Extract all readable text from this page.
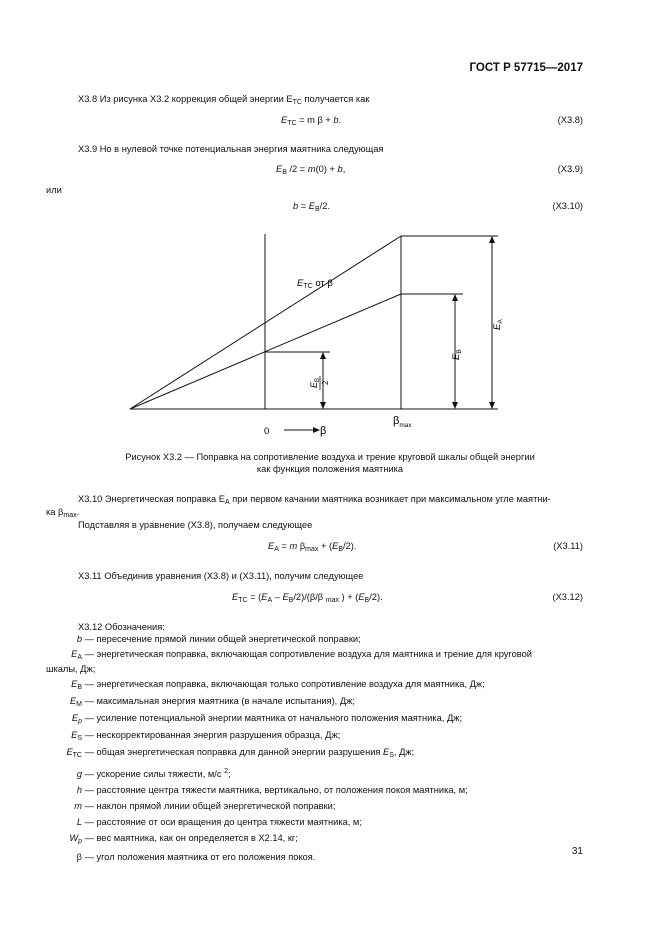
ГОСТ Р 57715—2017
Х3.8 Из рисунка Х3.2 коррекция общей энергии $E_{TC}$ получается как
$E_{TC} = m$ β + b.	(Х3.8)
Х3.9 Но в нулевой точке потенциальная энергия маятника следующая
$E_B$ /2 = m(0) + b,	(Х3.9)
или
$b = E_B/2$.	(Х3.10)
$E_{TC}$ от β
$E_A$
$E_B$
$E_B$
2
0	β
$\beta_{max}$
Рисунок Х3.2 — Поправка на сопротивление воздуха и трение круговой шкалы общей энергии
как функция положения маятника
Х3.10 Энергетическая поправка $E_A$ при первом качании маятника возникает при максимальном угле маятни-
ка $\beta_{max}$.
Подставляя в уравнение (Х3.8), получаем следующее
$E_A = m$ $\beta_{max} + (E_B/2)$.	(Х3.11)
Х3.11 Объединив уравнения (Х3.8) и (Х3.11), получим следующее
$E_{TC} = (E_A - E_B/2)/(\beta/\beta$ $_{max}$ ) + $(E_B/2)$.	(Х3.12)
Х3.12 Обозначения:
b — пересечение прямой линии общей энергетической поправки;
$E_A$ — энергетическая поправка, включающая сопротивление воздуха для маятника и трение для круговой
шкалы, Дж;
$E_B$ — энергетическая поправка, включающая только сопротивление воздуха для маятника, Дж;
$E_M$ — максимальная энергия маятника (в начале испытания), Дж;
$E_p$ — усиление потенциальной энергии маятника от начального положения маятника, Дж;
$E_S$ — нескорректированная энергия разрушения образца, Дж;
$E_{TC}$ — общая энергетическая поправка для данной энергии разрушения $E_S$, Дж;
g — ускорение силы тяжести, м/с $^2$;
h — расстояние центра тяжести маятника, вертикально, от положения покоя маятника, м;
m — наклон прямой линии общей энергетической поправки;
L — расстояние от оси вращения до центра тяжести маятника, м;
$W_p$ — вес маятника, как он определяется в Х2.14, кг;
β — угол положения маятника от его положения покоя.
31
